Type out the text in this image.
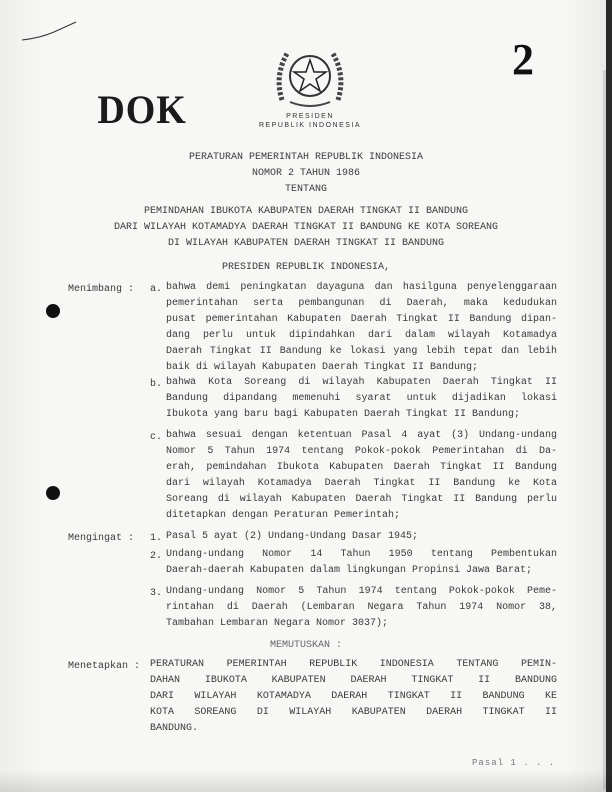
DOK
2
PRESIDEN
REPUBLIK INDONESIA
PERATURAN PEMERINTAH REPUBLIK INDONESIA
NOMOR 2 TAHUN 1986
TENTANG
PEMINDAHAN IBUKOTA KABUPATEN DAERAH TINGKAT II BANDUNG
DARI WILAYAH KOTAMADYA DAERAH TINGKAT II BANDUNG KE KOTA SOREANG
DI WILAYAH KABUPATEN DAERAH TINGKAT II BANDUNG
PRESIDEN REPUBLIK INDONESIA,
Menimbang : a. bahwa demi peningkatan dayaguna dan hasilguna penyelenggaraan
pemerintahan serta pembangunan di Daerah, maka kedudukan
pusat pemerintahan Kabupaten Daerah Tingkat II Bandung dipan-
dang perlu untuk dipindahkan dari dalam wilayah Kotamadya
Daerah Tingkat II Bandung ke lokasi yang lebih tepat dan lebih
baik di wilayah Kabupaten Daerah Tingkat II Bandung;
b. bahwa Kota Soreang di wilayah Kabupaten Daerah Tingkat II
Bandung dipandang memenuhi syarat untuk dijadikan lokasi
Ibukota yang baru bagi Kabupaten Daerah Tingkat II Bandung;
c. bahwa sesuai dengan ketentuan Pasal 4 ayat (3) Undang-undang
Nomor 5 Tahun 1974 tentang Pokok-pokok Pemerintahan di Da-
erah, pemindahan Ibukota Kabupaten Daerah Tingkat II Bandung
dari wilayah Kotamadya Daerah Tingkat II Bandung ke Kota
Soreang di wilayah Kabupaten Daerah Tingkat II Bandung perlu
ditetapkan dengan Peraturan Pemerintah;
Mengingat : 1. Pasal 5 ayat (2) Undang-Undang Dasar 1945;
2. Undang-undang Nomor 14 Tahun 1950 tentang Pembentukan
Daerah-daerah Kabupaten dalam lingkungan Propinsi Jawa Barat;
3. Undang-undang Nomor 5 Tahun 1974 tentang Pokok-pokok Peme-
rintahan di Daerah (Lembaran Negara Tahun 1974 Nomor 38,
Tambahan Lembaran Negara Nomor 3037);
MEMUTUSKAN :
Menetapkan : PERATURAN PEMERINTAH REPUBLIK INDONESIA TENTANG PEMIN-
DAHAN IBUKOTA KABUPATEN DAERAH TINGKAT II BANDUNG
DARI WILAYAH KOTAMADYA DAERAH TINGKAT II BANDUNG KE
KOTA SOREANG DI WILAYAH KABUPATEN DAERAH TINGKAT II
BANDUNG.
Pasal 1 . . .
